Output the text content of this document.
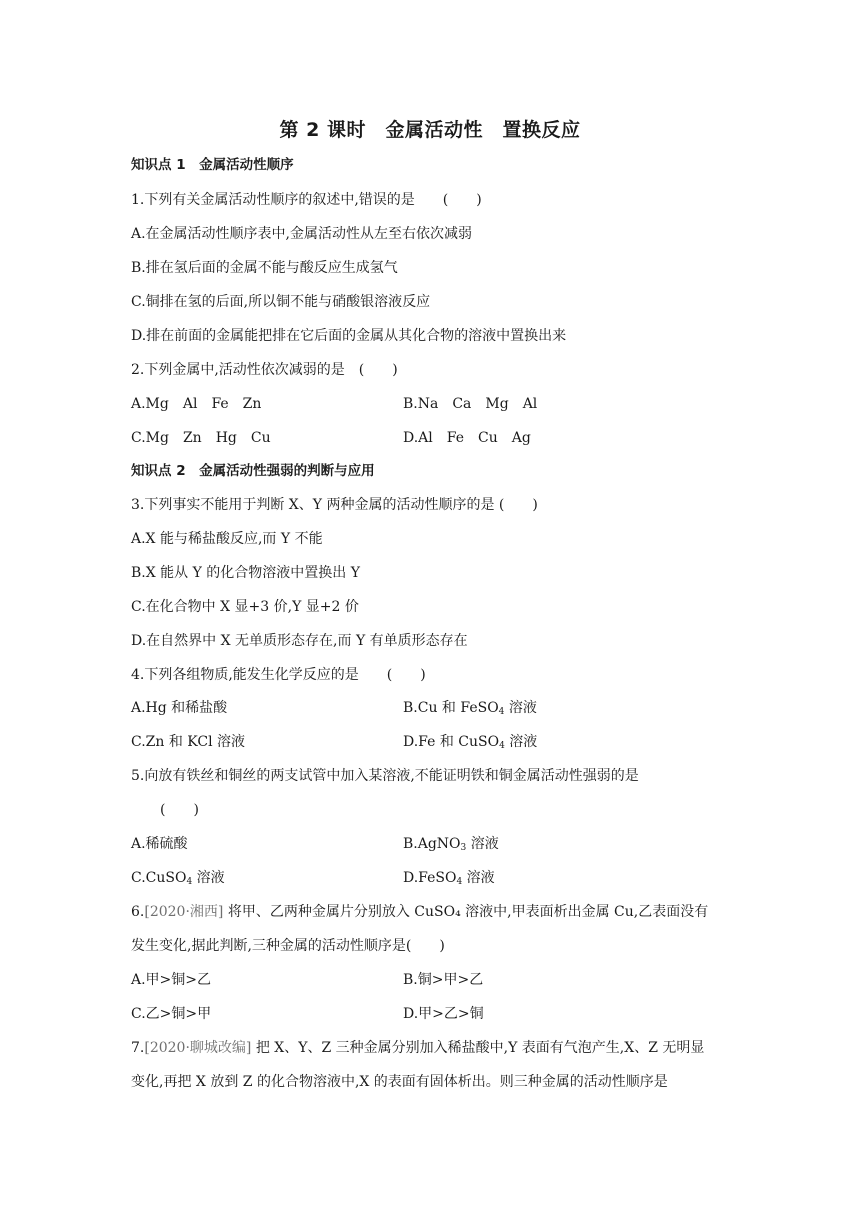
第 2 课时　金属活动性　置换反应
知识点 1　金属活动性顺序
1.下列有关金属活动性顺序的叙述中,错误的是　　(　　)
A.在金属活动性顺序表中,金属活动性从左至右依次减弱
B.排在氢后面的金属不能与酸反应生成氢气
C.铜排在氢的后面,所以铜不能与硝酸银溶液反应
D.排在前面的金属能把排在它后面的金属从其化合物的溶液中置换出来
2.下列金属中,活动性依次减弱的是　(　　)
A.Mg　Al　Fe　Zn	B.Na　Ca　Mg　Al
C.Mg　Zn　Hg　Cu	D.Al　Fe　Cu　Ag
知识点 2　金属活动性强弱的判断与应用
3.下列事实不能用于判断 X、Y 两种金属的活动性顺序的是 (　　)
A.X 能与稀盐酸反应,而 Y 不能
B.X 能从 Y 的化合物溶液中置换出 Y
C.在化合物中 X 显+3 价,Y 显+2 价
D.在自然界中 X 无单质形态存在,而 Y 有单质形态存在
4.下列各组物质,能发生化学反应的是　　(　　)
A.Hg 和稀盐酸	B.Cu 和 FeSO$_4$ 溶液
C.Zn 和 KCl 溶液	D.Fe 和 CuSO$_4$ 溶液
5.向放有铁丝和铜丝的两支试管中加入某溶液,不能证明铁和铜金属活动性强弱的是
(　　)
A.稀硫酸	B.AgNO$_3$ 溶液
C.CuSO$_4$ 溶液	D.FeSO$_4$ 溶液
6.[2020·湘西] 将甲、乙两种金属片分别放入 CuSO₄ 溶液中,甲表面析出金属 Cu,乙表面没有
发生变化,据此判断,三种金属的活动性顺序是(　　)
A.甲>铜>乙	B.铜>甲>乙
C.乙>铜>甲	D.甲>乙>铜
7.[2020·聊城改编] 把 X、Y、Z 三种金属分别加入稀盐酸中,Y 表面有气泡产生,X、Z 无明显
变化,再把 X 放到 Z 的化合物溶液中,X 的表面有固体析出。则三种金属的活动性顺序是
